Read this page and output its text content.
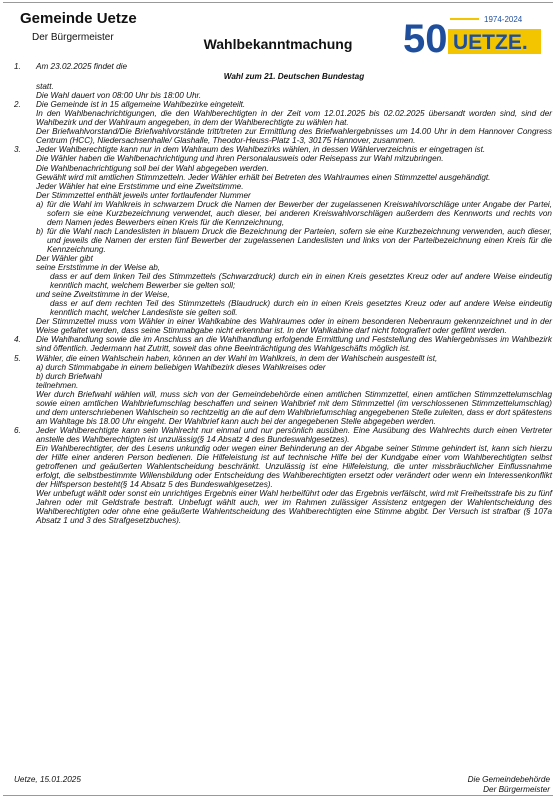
Gemeinde Uetze

Der Bürgermeister	Wahlbekanntmachung	50	1974-2024
UETZE.
1.	Am 23.02.2025 findet die

Wahl zum 21. Deutschen Bundestag

statt.

Die Wahl dauert von 08:00 Uhr bis 18:00 Uhr.

2.	Die Gemeinde ist in 15 allgemeine Wahlbezirke eingeteilt.

In den Wahlbenachrichtigungen, die den Wahlberechtigten in der Zeit vom 12.01.2025 bis 02.02.2025 übersandt worden sind, sind der Wahlbezirk und der Wahlraum angegeben, in dem der Wahlberechtigte zu wählen hat.

Der Briefwahlvorstand/Die Briefwahlvorstände tritt/treten zur Ermittlung des Briefwahlergebnisses um 14.00 Uhr in dem Hannover Congress Centrum (HCC), Niedersachsenhalle/ Glashalle, Theodor-Heuss-Platz 1-3, 30175 Hannover, zusammen.

3.	Jeder Wahlberechtigte kann nur in dem Wahlraum des Wahlbezirks wählen, in dessen Wählerverzeichnis er eingetragen ist.

Die Wähler haben die Wahlbenachrichtigung und ihren Personalausweis oder Reisepass zur Wahl mitzubringen.

Die Wahlbenachrichtigung soll bei der Wahl abgegeben werden.

Gewählt wird mit amtlichen Stimmzetteln. Jeder Wähler erhält bei Betreten des Wahlraumes einen Stimmzettel ausgehändigt.

Jeder Wähler hat eine Erststimme und eine Zweitstimme.

Der Stimmzettel enthält jeweils unter fortlaufender Nummer

a) für die Wahl im Wahlkreis in schwarzem Druck die Namen der Bewerber der zugelassenen Kreiswahlvorschläge unter Angabe der Partei, sofern sie eine Kurzbezeichnung verwendet, auch dieser, bei anderen Kreiswahlvorschlägen außerdem des Kennworts und rechts von dem Namen jedes Bewerbers einen Kreis für die Kennzeichnung,
b) für die Wahl nach Landeslisten in blauem Druck die Bezeichnung der Parteien, sofern sie eine Kurzbezeichnung verwenden, auch dieser, und jeweils die Namen der ersten fünf Bewerber der zugelassenen Landeslisten und links von der Parteibezeichnung einen Kreis für die Kennzeichnung.

Der Wähler gibt

seine Erststimme in der Weise ab,

dass er auf dem linken Teil des Stimmzettels (Schwarzdruck) durch ein in einen Kreis gesetztes Kreuz oder auf andere Weise eindeutig kenntlich macht, welchem Bewerber sie gelten soll;

und seine Zweitstimme in der Weise,

dass er auf dem rechten Teil des Stimmzettels (Blaudruck) durch ein in einen Kreis gesetztes Kreuz oder auf andere Weise eindeutig kenntlich macht, welcher Landesliste sie gelten soll.

Der Stimmzettel muss vom Wähler in einer Wahlkabine des Wahlraumes oder in einem besonderen Nebenraum gekennzeichnet und in der Weise gefaltet werden, dass seine Stimmabgabe nicht erkennbar ist. In der Wahlkabine darf nicht fotografiert oder gefilmt werden.

4.	Die Wahlhandlung sowie die im Anschluss an die Wahlhandlung erfolgende Ermittlung und Feststellung des Wahlergebnisses im Wahlbezirk sind öffentlich. Jedermann hat Zutritt, soweit das ohne Beeinträchtigung des Wahlgeschäfts möglich ist.

5.	Wähler, die einen Wahlschein haben, können an der Wahl im Wahlkreis, in dem der Wahlschein ausgestellt ist,

a) durch Stimmabgabe in einem beliebigen Wahlbezirk dieses Wahlkreises oder

b) durch Briefwahl

teilnehmen.

Wer durch Briefwahl wählen will, muss sich von der Gemeindebehörde einen amtlichen Stimmzettel, einen amtlichen Stimmzettelumschlag sowie einen amtlichen Wahlbriefumschlag beschaffen und seinen Wahlbrief mit dem Stimmzettel (im verschlossenen Stimmzettelumschlag) und dem unterschriebenen Wahlschein so rechtzeitig an die auf dem Wahlbriefumschlag angegebenen Stelle zuleiten, dass er dort spätestens am Wahltage bis 18.00 Uhr eingeht. Der Wahlbrief kann auch bei der angegebenen Stelle abgegeben werden.

6.	Jeder Wahlberechtigte kann sein Wahlrecht nur einmal und nur persönlich ausüben. Eine Ausübung des Wahlrechts durch einen Vertreter anstelle des Wahlberechtigten ist unzulässig(§ 14 Absatz 4 des Bundeswahlgesetzes).

Ein Wahlberechtigter, der des Lesens unkundig oder wegen einer Behinderung an der Abgabe seiner Stimme gehindert ist, kann sich hierzu der Hilfe einer anderen Person bedienen. Die Hilfeleistung ist auf technische Hilfe bei der Kundgabe einer vom Wahlberechtigten selbst getroffenen und geäußerten Wahlentscheidung beschränkt. Unzulässig ist eine Hilfeleistung, die unter missbräuchlicher Einflussnahme erfolgt, die selbstbestimmte Willensbildung oder Entscheidung des Wahlberechtigten ersetzt oder verändert oder wenn ein Interessenkonflikt der Hilfsperson besteht(§ 14 Absatz 5 des Bundeswahlgesetzes).

Wer unbefugt wählt oder sonst ein unrichtiges Ergebnis einer Wahl herbeiführt oder das Ergebnis verfälscht, wird mit Freiheitsstrafe bis zu fünf Jahren oder mit Geldstrafe bestraft. Unbefugt wählt auch, wer im Rahmen zulässiger Assistenz entgegen der Wahlentscheidung des Wahlberechtigten oder ohne eine geäußerte Wahlentscheidung des Wahlberechtigten eine Stimme abgibt. Der Versuch ist strafbar (§ 107a Absatz 1 und 3 des Strafgesetzbuches).

Uetze, 15.01.2025	Die Gemeindebehörde
Der Bürgermeister
